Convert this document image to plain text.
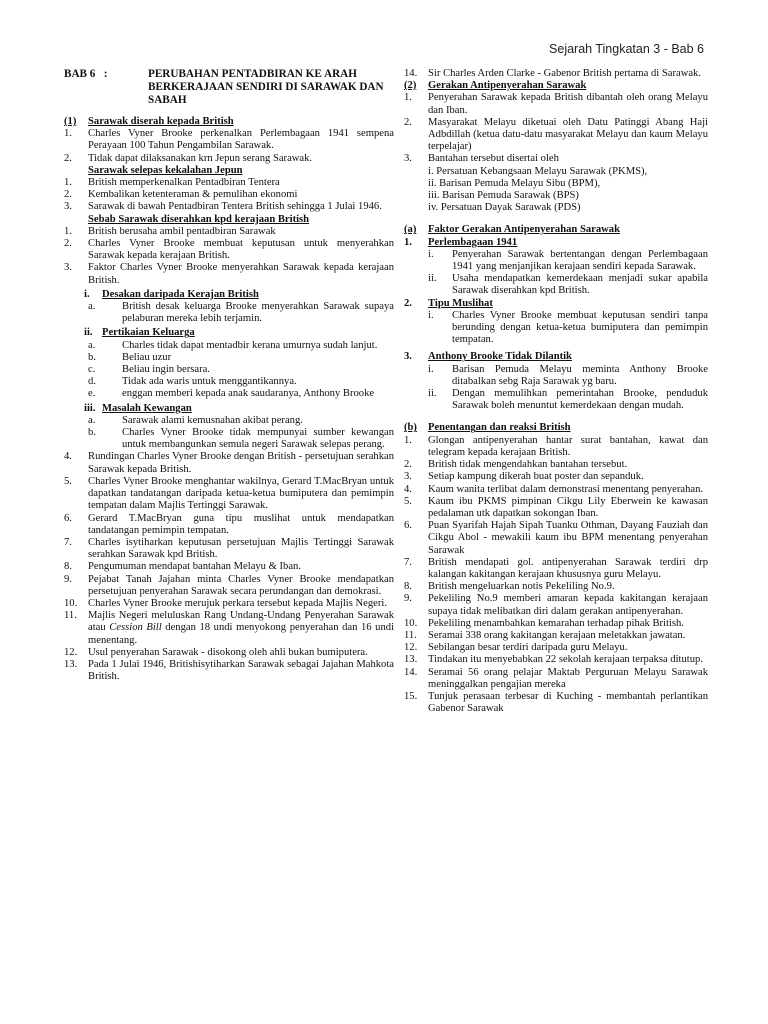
Sejarah Tingkatan 3 - Bab 6
BAB 6   :	PERUBAHAN PENTADBIRAN KE ARAH BERKERAJAAN SENDIRI DI SARAWAK DAN SABAH
(1)	Sarawak diserah kepada British
1.	Charles Vyner Brooke perkenalkan Perlembagaan 1941 sempena Perayaan 100 Tahun Pengambilan Sarawak.
2.	Tidak dapat dilaksanakan krn Jepun serang Sarawak.
Sarawak selepas kekalahan Jepun
1.	British memperkenalkan Pentadbiran Tentera
2.	Kembalikan ketenteraman & pemulihan ekonomi
3.	Sarawak di bawah Pentadbiran Tentera British sehingga 1 Julai 1946.
Sebab Sarawak diserahkan kpd kerajaan British
1.	British berusaha ambil pentadbiran Sarawak
2.	Charles Vyner Brooke membuat keputusan untuk menyerahkan Sarawak kepada kerajaan British.
3.	Faktor Charles Vyner Brooke menyerahkan Sarawak kepada kerajaan British.
i.	Desakan daripada Kerajan British
a.	British desak keluarga Brooke menyerahkan Sarawak supaya pelaburan mereka lebih terjamin.
ii. Pertikaian Keluarga
a.	Charles tidak dapat mentadbir kerana umurnya sudah lanjut.
b.	Beliau uzur
c.	Beliau ingin bersara.
d.	Tidak ada waris untuk menggantikannya.
e.	enggan memberi kepada anak saudaranya, Anthony Brooke
iii. Masalah Kewangan
a.	Sarawak alami kemusnahan akibat perang.
b.	Charles Vyner Brooke tidak mempunyai sumber kewangan untuk membangunkan semula negeri Sarawak selepas perang.
4.	Rundingan Charles Vyner Brooke dengan British - persetujuan serahkan Sarawak kepada British.
5.	Charles Vyner Brooke menghantar wakilnya, Gerard T.MacBryan untuk dapatkan tandatangan daripada ketua-ketua bumiputera dan pemimpin tempatan dalam Majlis Tertinggi Sarawak.
6.	Gerard T.MacBryan guna tipu muslihat untuk mendapatkan tandatangan pemimpin tempatan.
7.	Charles isytiharkan keputusan persetujuan Majlis Tertinggi Sarawak serahkan Sarawak kpd British.
8.	Pengumuman mendapat bantahan Melayu & Iban.
9.	Pejabat Tanah Jajahan minta Charles Vyner Brooke mendapatkan persetujuan penyerahan Sarawak secara perundangan dan demokrasi.
10.	Charles Vyner Brooke merujuk perkara tersebut kepada Majlis Negeri.
11.	Majlis Negeri meluluskan Rang Undang-Undang Penyerahan Sarawak atau Cession Bill dengan 18 undi menyokong penyerahan dan 16 undi menentang.
12.	Usul penyerahan Sarawak - disokong oleh ahli bukan bumiputera.
13.	Pada 1 Julai 1946, Britishisytiharkan Sarawak sebagai Jajahan Mahkota British.
14.	Sir Charles Arden Clarke - Gabenor British pertama di Sarawak.
(2)	Gerakan Antipenyerahan Sarawak
1.	Penyerahan Sarawak kepada British dibantah oleh orang Melayu dan Iban.
2.	Masyarakat Melayu diketuai oleh Datu Patinggi Abang Haji Adbdillah (ketua datu-datu masyarakat Melayu dan kaum Melayu terpelajar)
3.	Bantahan tersebut disertai oleh
i. Persatuan Kebangsaan Melayu Sarawak (PKMS),
ii. Barisan Pemuda Melayu Sibu (BPM),
iii. Barisan Pemuda Sarawak (BPS)
iv. Persatuan Dayak Sarawak (PDS)
(a)	Faktor Gerakan Antipenyerahan Sarawak
1.	Perlembagaan 1941
i.	Penyerahan Sarawak bertentangan dengan Perlembagaan 1941 yang menjanjikan kerajaan sendiri kepada Sarawak.
ii.	Usaha mendapatkan kemerdekaan menjadi sukar apabila Sarawak diserahkan kpd British.
2.	Tipu Muslihat
i.	Charles Vyner Brooke membuat keputusan sendiri tanpa berunding dengan ketua-ketua bumiputera dan pemimpin tempatan.
3.	Anthony Brooke Tidak Dilantik
i.	Barisan Pemuda Melayu meminta Anthony Brooke ditabalkan sebg Raja Sarawak yg baru.
ii.	Dengan memulihkan pemerintahan Brooke, penduduk Sarawak boleh menuntut kemerdekaan dengan mudah.
(b)	Penentangan dan reaksi British
1.	Glongan antipenyerahan hantar surat bantahan, kawat dan telegram kepada kerajaan British.
2.	British tidak mengendahkan bantahan tersebut.
3.	Setiap kampung dikerah buat poster dan sepanduk.
4.	Kaum wanita terlibat dalam demonstrasi menentang penyerahan.
5.	Kaum ibu PKMS pimpinan Cikgu Lily Eberwein ke kawasan pedalaman utk dapatkan sokongan Iban.
6.	Puan Syarifah Hajah Sipah Tuanku Othman, Dayang Fauziah dan Cikgu Abol - mewakili kaum ibu BPM menentang penyerahan Sarawak
7.	British mendapati gol. antipenyerahan Sarawak terdiri drp kalangan kakitangan kerajaan khususnya guru Melayu.
8.	British mengeluarkan notis Pekeliling No.9.
9.	Pekeliling No.9 memberi amaran kepada kakitangan kerajaan supaya tidak melibatkan diri dalam gerakan antipenyerahan.
10.	Pekeliling menambahkan kemarahan terhadap pihak British.
11.	Seramai 338 orang kakitangan kerajaan meletakkan jawatan.
12.	Sebilangan besar terdiri daripada guru Melayu.
13.	Tindakan itu menyebabkan 22 sekolah kerajaan terpaksa ditutup.
14.	Seramai 56 orang pelajar Maktab Perguruan Melayu Sarawak meninggalkan pengajian mereka
15.	Tunjuk perasaan terbesar di Kuching - membantah perlantikan Gabenor Sarawak
